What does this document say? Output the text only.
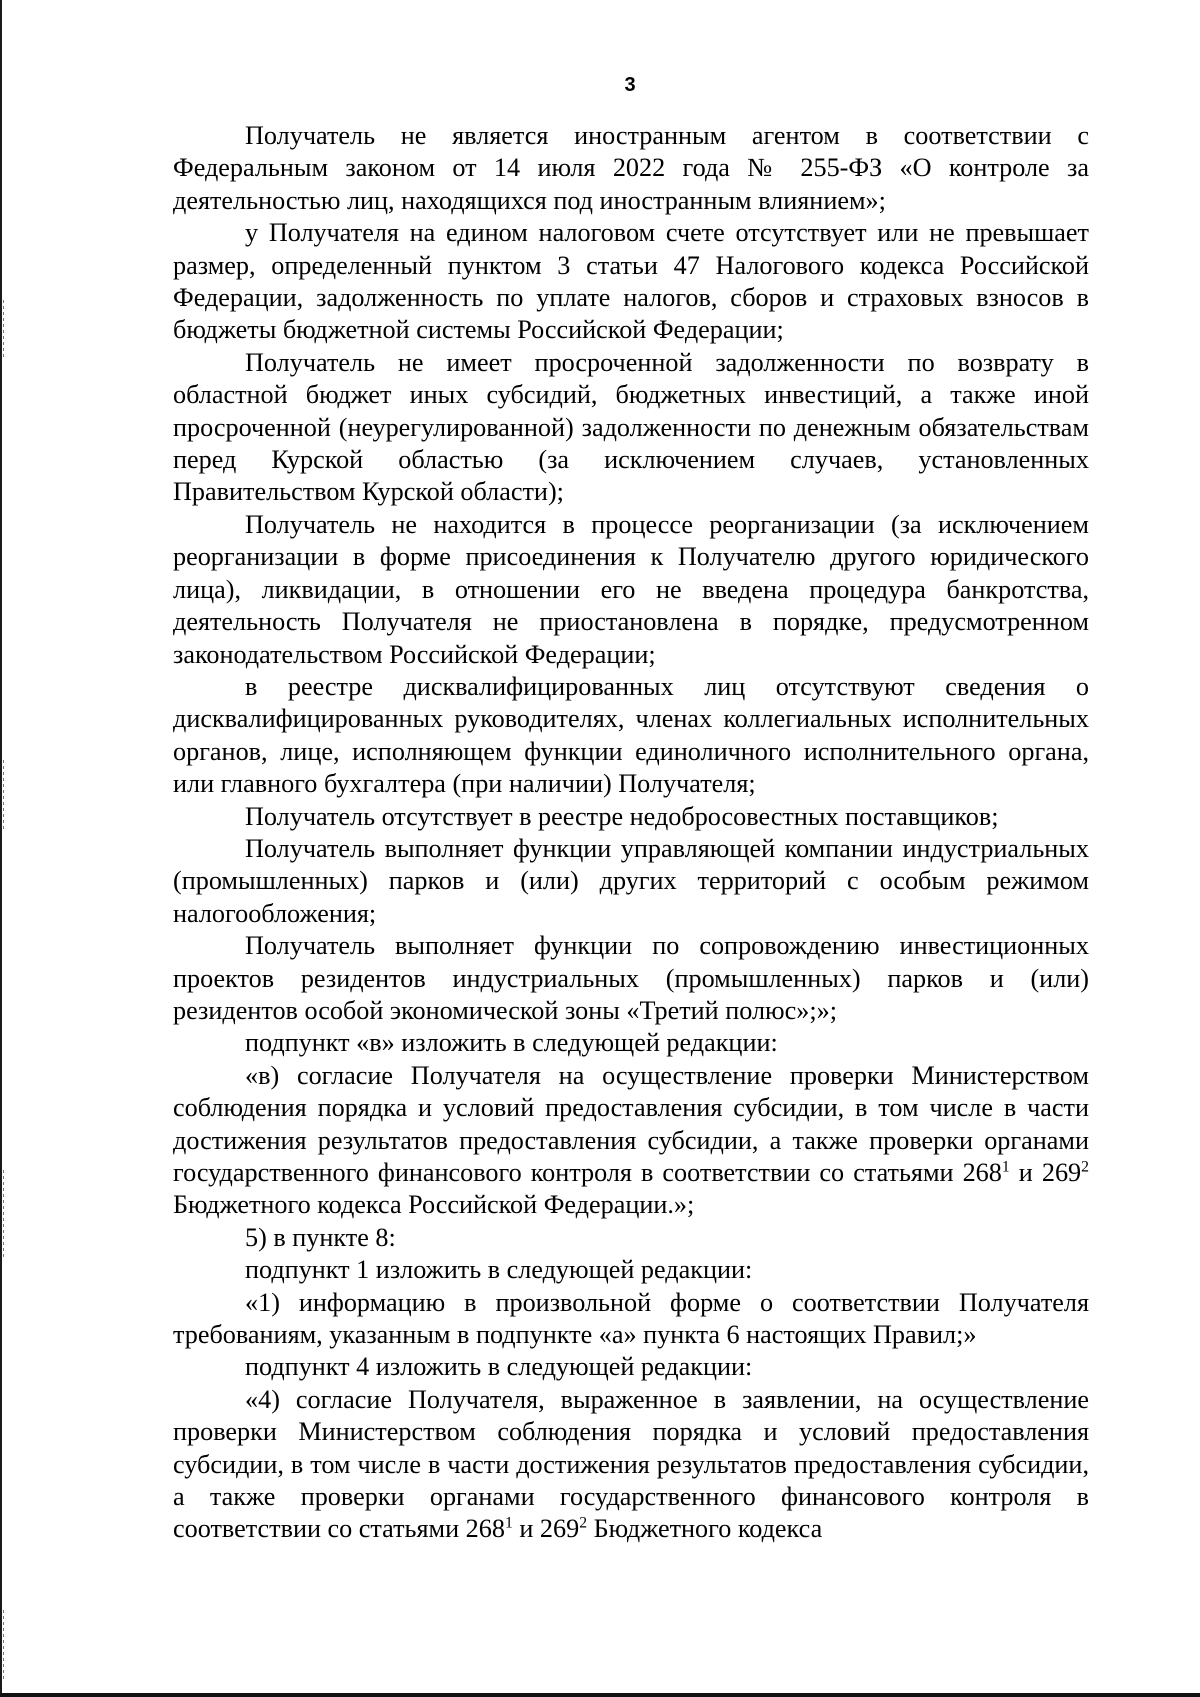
3

Получатель не является иностранным агентом в соответствии с Федеральным законом от 14 июля 2022 года № 255-ФЗ «О контроле за деятельностью лиц, находящихся под иностранным влиянием»;

у Получателя на едином налоговом счете отсутствует или не превышает размер, определенный пунктом 3 статьи 47 Налогового кодекса Российской Федерации, задолженность по уплате налогов, сборов и страховых взносов в бюджеты бюджетной системы Российской Федерации;

Получатель не имеет просроченной задолженности по возврату в областной бюджет иных субсидий, бюджетных инвестиций, а также иной просроченной (неурегулированной) задолженности по денежным обязательствам перед Курской областью (за исключением случаев, установленных Правительством Курской области);

Получатель не находится в процессе реорганизации (за исключением реорганизации в форме присоединения к Получателю другого юридического лица), ликвидации, в отношении его не введена процедура банкротства, деятельность Получателя не приостановлена в порядке, предусмотренном законодательством Российской Федерации;

в реестре дисквалифицированных лиц отсутствуют сведения о дисквалифицированных руководителях, членах коллегиальных исполнительных органов, лице, исполняющем функции единоличного исполнительного органа, или главного бухгалтера (при наличии) Получателя;

Получатель отсутствует в реестре недобросовестных поставщиков;

Получатель выполняет функции управляющей компании индустриальных (промышленных) парков и (или) других территорий с особым режимом налогообложения;

Получатель выполняет функции по сопровождению инвестиционных проектов резидентов индустриальных (промышленных) парков и (или) резидентов особой экономической зоны «Третий полюс»;»;

подпункт «в» изложить в следующей редакции:

«в) согласие Получателя на осуществление проверки Министерством соблюдения порядка и условий предоставления субсидии, в том числе в части достижения результатов предоставления субсидии, а также проверки органами государственного финансового контроля в соответствии со статьями $268^1$ и $269^2$ Бюджетного кодекса Российской Федерации.»;

5) в пункте 8:

подпункт 1 изложить в следующей редакции:

«1) информацию в произвольной форме о соответствии Получателя требованиям, указанным в подпункте «а» пункта 6 настоящих Правил;»

подпункт 4 изложить в следующей редакции:

«4) согласие Получателя, выраженное в заявлении, на осуществление проверки Министерством соблюдения порядка и условий предоставления субсидии, в том числе в части достижения результатов предоставления субсидии, а также проверки органами государственного финансового контроля в соответствии со статьями $268^1$ и $269^2$ Бюджетного кодекса
